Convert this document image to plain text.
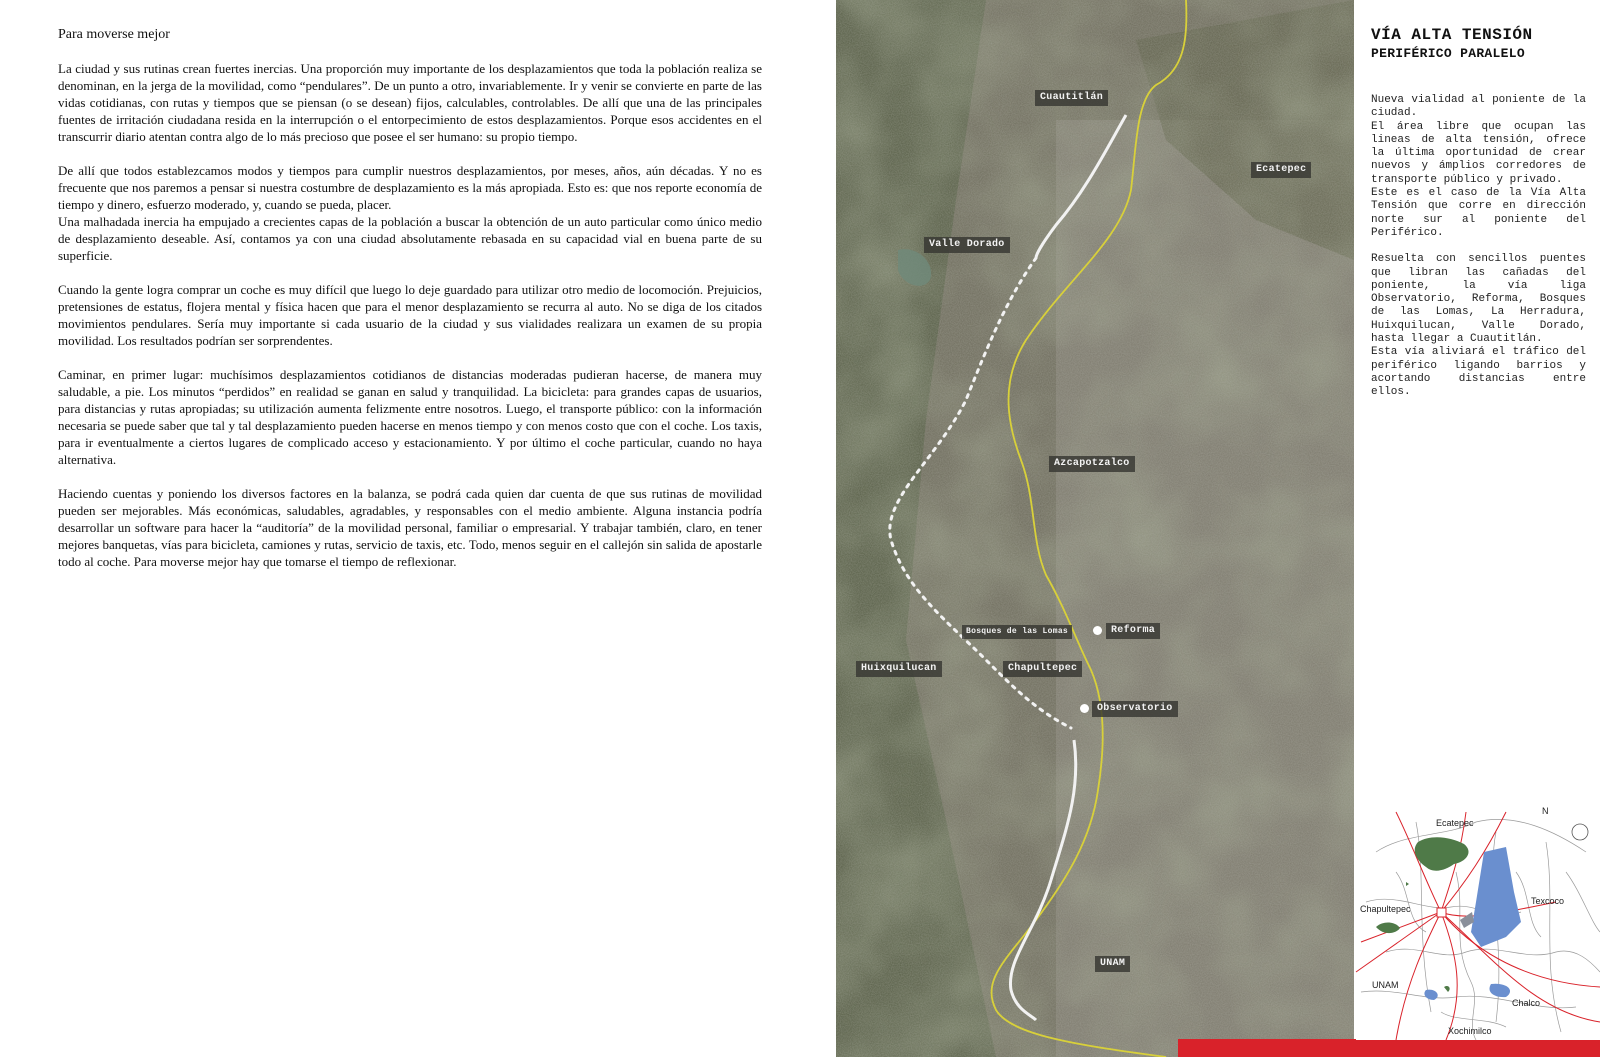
Para moverse mejor

La ciudad y sus rutinas crean fuertes inercias. Una proporción muy importante de los desplazamientos que toda la población realiza se denominan, en la jerga de la movilidad, como “pendulares”. De un punto a otro, invariablemente. Ir y venir se convierte en parte de las vidas cotidianas, con rutas y tiempos que se piensan (o se desean) fijos, calculables, controlables. De allí que una de las principales fuentes de irritación ciudadana resida en la interrupción o el entorpecimiento de estos desplazamientos. Porque esos accidentes en el transcurrir diario atentan contra algo de lo más precioso que posee el ser humano: su propio tiempo.

De allí que todos establezcamos modos y tiempos para cumplir nuestros desplazamientos, por meses, años, aún décadas. Y no es frecuente que nos paremos a pensar si nuestra costumbre de desplazamiento es la más apropiada. Esto es: que nos reporte economía de tiempo y dinero, esfuerzo moderado, y, cuando se pueda, placer.

Una malhadada inercia ha empujado a crecientes capas de la población a buscar la obtención de un auto particular como único medio de desplazamiento deseable. Así, contamos ya con una ciudad absolutamente rebasada en su capacidad vial en buena parte de su superficie.

Cuando la gente logra comprar un coche es muy difícil que luego lo deje guardado para utilizar otro medio de locomoción. Prejuicios, pretensiones de estatus, flojera mental y física hacen que para el menor desplazamiento se recurra al auto. No se diga de los citados movimientos pendulares. Sería muy importante si cada usuario de la ciudad y sus vialidades realizara un examen de su propia movilidad. Los resultados podrían ser sorprendentes.

Caminar, en primer lugar: muchísimos desplazamientos cotidianos de distancias moderadas pudieran hacerse, de manera muy saludable, a pie. Los minutos “perdidos” en realidad se ganan en salud y tranquilidad. La bicicleta: para grandes capas de usuarios, para distancias y rutas apropiadas; su utilización aumenta felizmente entre nosotros. Luego, el transporte público: con la información necesaria se puede saber que tal y tal desplazamiento pueden hacerse en menos tiempo y con menos costo que con el coche. Los taxis, para ir eventualmente a ciertos lugares de complicado acceso y estacionamiento. Y por último el coche particular, cuando no haya alternativa.

Haciendo cuentas y poniendo los diversos factores en la balanza, se podrá cada quien dar cuenta de que sus rutinas de movilidad pueden ser mejorables. Más económicas, saludables, agradables, y responsables con el medio ambiente. Alguna instancia podría desarrollar un software para hacer la “auditoría” de la movilidad personal, familiar o empresarial. Y trabajar también, claro, en tener mejores banquetas, vías para bicicleta, camiones y rutas, servicio de taxis, etc. Todo, menos seguir en el callejón sin salida de apostarle todo al coche. Para moverse mejor hay que tomarse el tiempo de reflexionar.

Cuautitlán
Ecatepec
Valle Dorado
Azcapotzalco
Bosques de las Lomas	Reforma
Huixquilucan	Chapultepec
Observatorio
UNAM
VÍA ALTA TENSIÓN
PERIFÉRICO PARALELO

Nueva vialidad al poniente de la ciudad.

El área libre que ocupan las lineas de alta tensión, ofrece la última oportunidad de crear nuevos y ámplios corredores de transporte público y privado.

Este es el caso de la Vía Alta Tensión que corre en dirección norte sur al poniente del Periférico.

Resuelta con sencillos puentes que libran las cañadas del poniente, la vía liga Observatorio, Reforma, Bosques de las Lomas, La Herradura, Huixquilucan, Valle Dorado, hasta llegar a Cuautitlán.

Esta vía aliviará el tráfico del periférico ligando barrios y acortando distancias entre ellos.

N
Ecatepec
Texcoco
Chapultepec
UNAM
Chalco
Xochimilco
